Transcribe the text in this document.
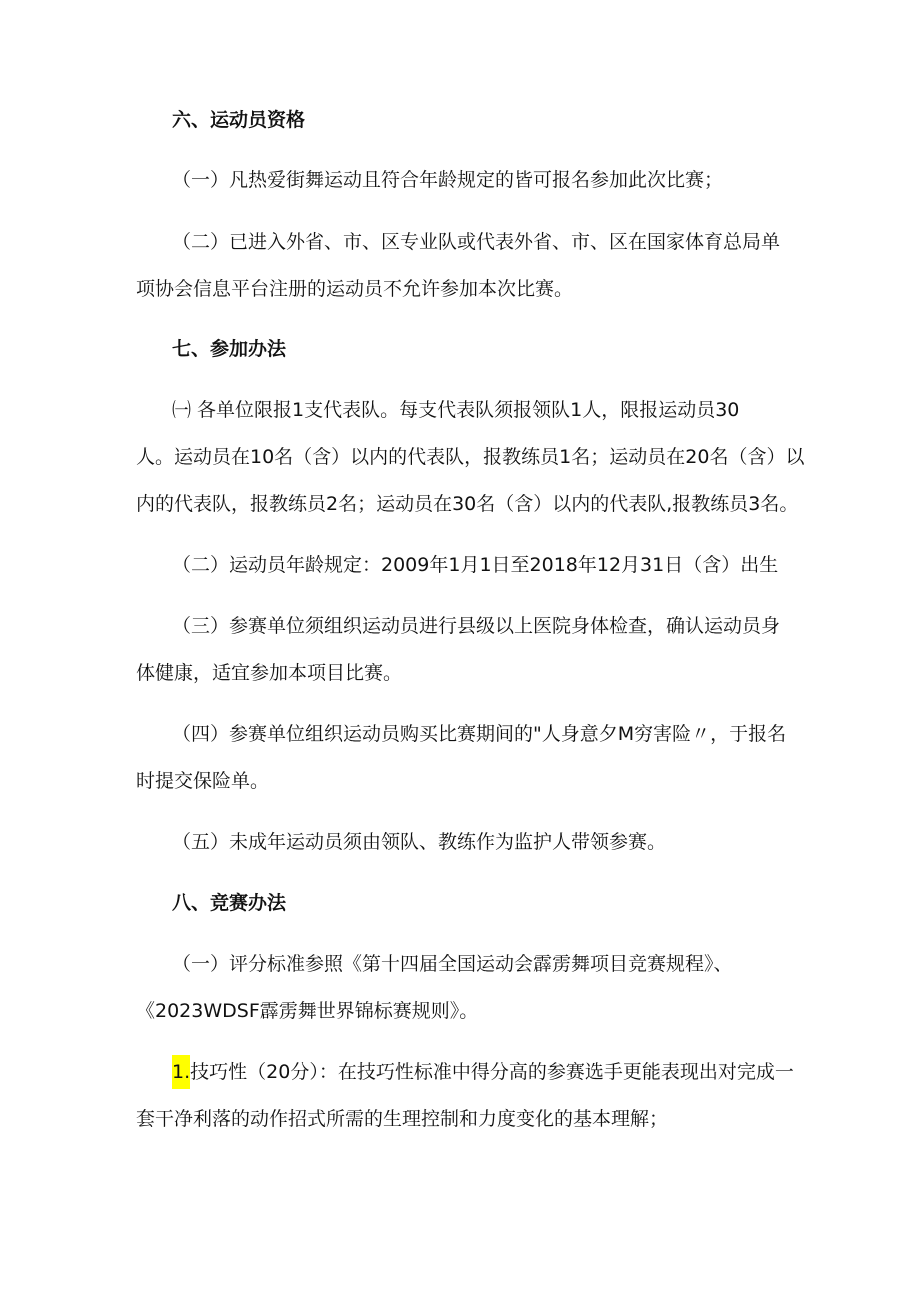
六、运动员资格
（一）凡热爱街舞运动且符合年龄规定的皆可报名参加此次比赛；
（二）已进入外省、市、区专业队或代表外省、市、区在国家体育总局单
项协会信息平台注册的运动员不允许参加本次比赛。
七、参加办法
㈠ 各单位限报1支代表队。每支代表队须报领队1人，限报运动员30
人。运动员在10名（含）以内的代表队，报教练员1名；运动员在20名（含）以
内的代表队，报教练员2名；运动员在30名（含）以内的代表队,报教练员3名。
（二）运动员年龄规定：2009年1月1日至2018年12月31日（含）出生
（三）参赛单位须组织运动员进行县级以上医院身体检查，确认运动员身
体健康，适宜参加本项目比赛。
（四）参赛单位组织运动员购买比赛期间的"人身意夕M穷害险〃，于报名
时提交保险单。
（五）未成年运动员须由领队、教练作为监护人带领参赛。
八、竞赛办法
（一）评分标准参照《第十四届全国运动会霹雳舞项目竞赛规程》、
《2023WDSF霹雳舞世界锦标赛规则》。
1.技巧性（20分）：在技巧性标准中得分高的参赛选手更能表现出对完成一
套干净利落的动作招式所需的生理控制和力度变化的基本理解；
